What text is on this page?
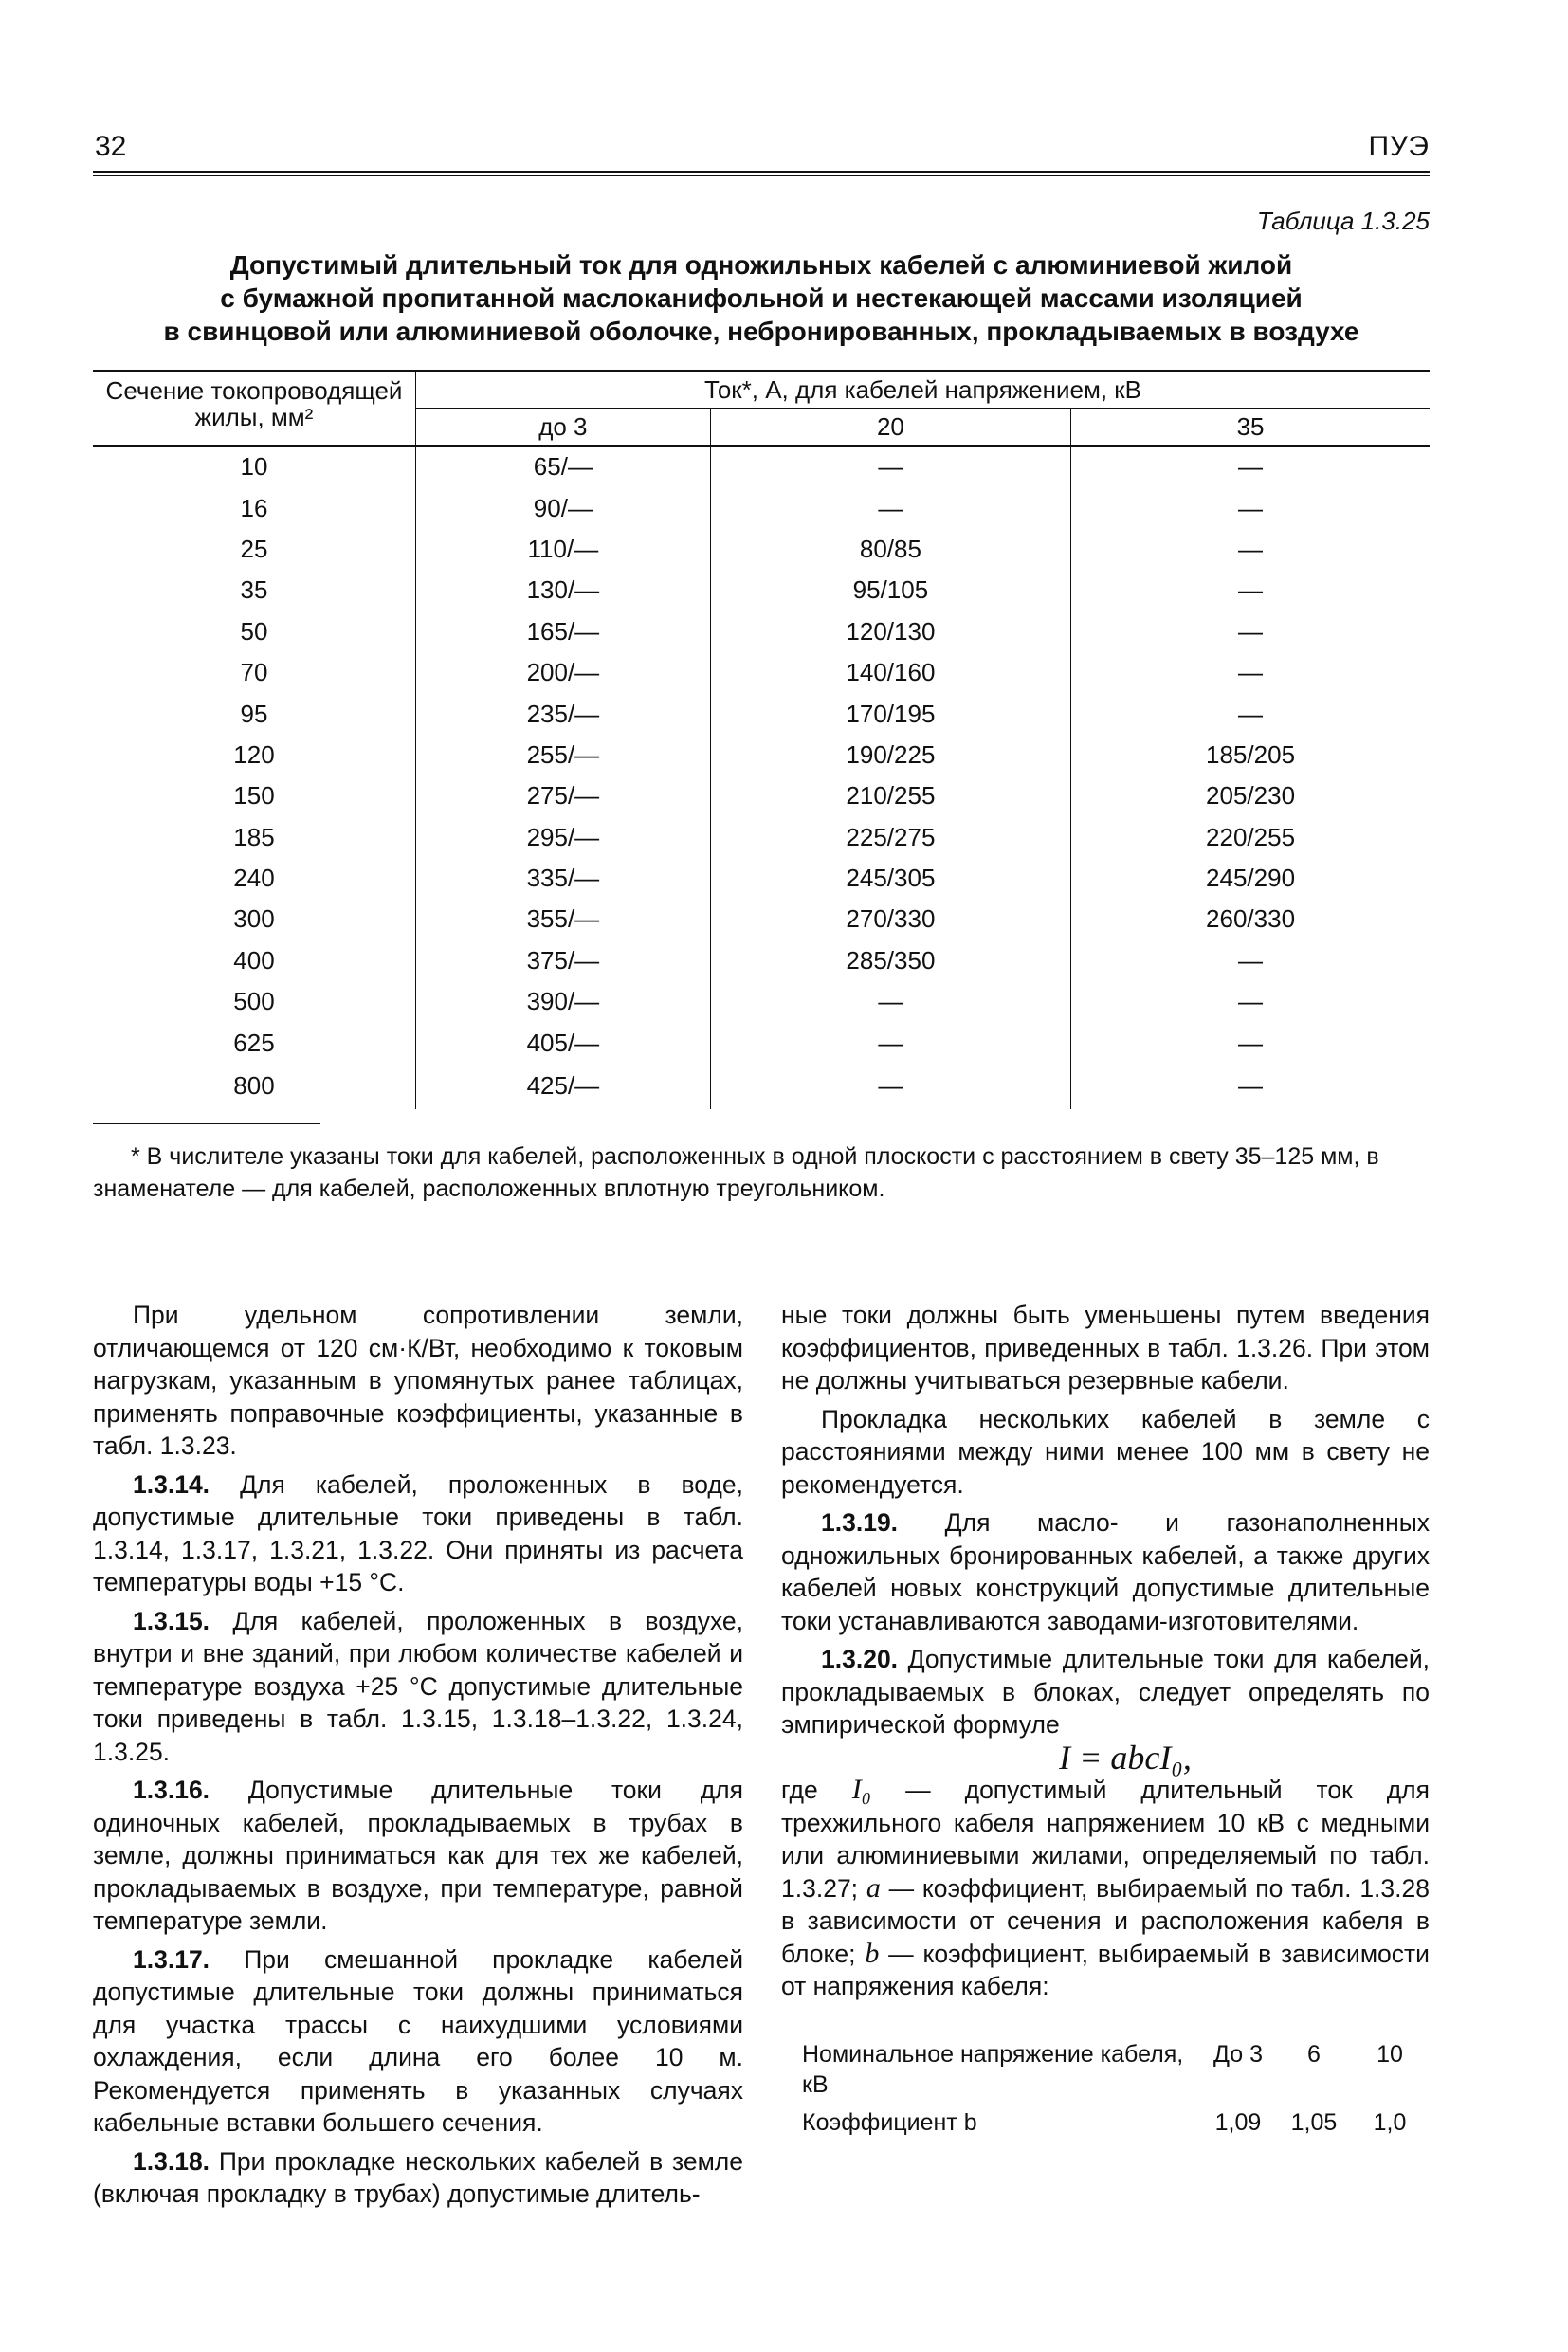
32	ПУЭ
Таблица 1.3.25
Допустимый длительный ток для одножильных кабелей с алюминиевой жилой
с бумажной пропитанной маслоканифольной и нестекающей массами изоляцией
в свинцовой или алюминиевой оболочке, небронированных, прокладываемых в воздухе
Сечение токопроводящей жилы, мм²	Ток*, А, для кабелей напряжением, кВ		
	до 3	20	35
10	65/—	—	—
16	90/—	—	—
25	110/—	80/85	—
35	130/—	95/105	—
50	165/—	120/130	—
70	200/—	140/160	—
95	235/—	170/195	—
120	255/—	190/225	185/205
150	275/—	210/255	205/230
185	295/—	225/275	220/255
240	335/—	245/305	245/290
300	355/—	270/330	260/330
400	375/—	285/350	—
500	390/—	—	—
625	405/—	—	—
800	425/—	—	—
* В числителе указаны токи для кабелей, расположенных в одной плоскости с расстоянием в свету 35–125 мм, в знаменателе — для кабелей, расположенных вплотную треугольником.

При удельном сопротивлении земли, отличающемся от 120 см·К/Вт, необходимо к токовым нагрузкам, указанным в упомянутых ранее таблицах, применять поправочные коэффициенты, указанные в табл. 1.3.23.

1.3.14. Для кабелей, проложенных в воде, допустимые длительные токи приведены в табл. 1.3.14, 1.3.17, 1.3.21, 1.3.22. Они приняты из расчета температуры воды +15 °С.

1.3.15. Для кабелей, проложенных в воздухе, внутри и вне зданий, при любом количестве кабелей и температуре воздуха +25 °С допустимые длительные токи приведены в табл. 1.3.15, 1.3.18–1.3.22, 1.3.24, 1.3.25.

1.3.16. Допустимые длительные токи для одиночных кабелей, прокладываемых в трубах в земле, должны приниматься как для тех же кабелей, прокладываемых в воздухе, при температуре, равной температуре земли.

1.3.17. При смешанной прокладке кабелей допустимые длительные токи должны приниматься для участка трассы с наихудшими условиями охлаждения, если длина его более 10 м. Рекомендуется применять в указанных случаях кабельные вставки большего сечения.

1.3.18. При прокладке нескольких кабелей в земле (включая прокладку в трубах) допустимые длитель-

ные токи должны быть уменьшены путем введения коэффициентов, приведенных в табл. 1.3.26. При этом не должны учитываться резервные кабели.

Прокладка нескольких кабелей в земле с расстояниями между ними менее 100 мм в свету не рекомендуется.

1.3.19. Для масло- и газонаполненных одножильных бронированных кабелей, а также других кабелей новых конструкций допустимые длительные токи устанавливаются заводами-изготовителями.

1.3.20. Допустимые длительные токи для кабелей, прокладываемых в блоках, следует определять по эмпирической формуле

I = abcI₀,

где I₀ — допустимый длительный ток для трехжильного кабеля напряжением 10 кВ с медными или алюминиевыми жилами, определяемый по табл. 1.3.27; a — коэффициент, выбираемый по табл. 1.3.28 в зависимости от сечения и расположения кабеля в блоке; b — коэффициент, выбираемый в зависимости от напряжения кабеля:

Номинальное напряжение кабеля, кВ	До 3	6	10
Коэффициент b	1,09	1,05	1,0
